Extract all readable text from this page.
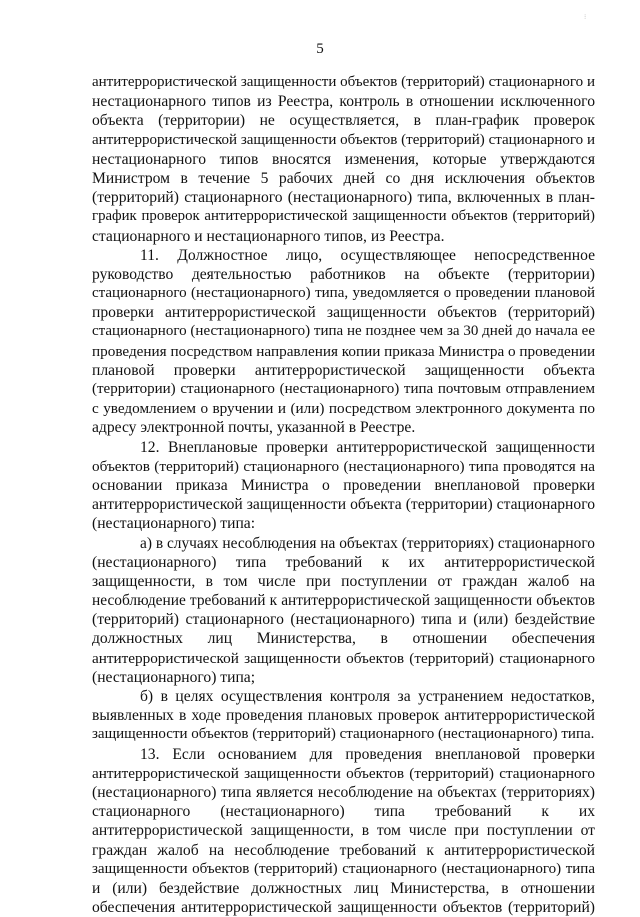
⁝
5
антитеррористической защищенности объектов (территорий) стационарного и
нестационарного типов из Реестра, контроль в отношении исключенного
объекта (территории) не осуществляется, в план-график проверок
антитеррористической защищенности объектов (территорий) стационарного и
нестационарного типов вносятся изменения, которые утверждаются
Министром в течение 5 рабочих дней со дня исключения объектов
(территорий) стационарного (нестационарного) типа, включенных в план-
график проверок антитеррористической защищенности объектов (территорий)
стационарного и нестационарного типов, из Реестра.
11. Должностное лицо, осуществляющее непосредственное
руководство деятельностью работников на объекте (территории)
стационарного (нестационарного) типа, уведомляется о проведении плановой
проверки антитеррористической защищенности объектов (территорий)
стационарного (нестационарного) типа не позднее чем за 30 дней до начала ее
проведения посредством направления копии приказа Министра о проведении
плановой проверки антитеррористической защищенности объекта
(территории) стационарного (нестационарного) типа почтовым отправлением
с уведомлением о вручении и (или) посредством электронного документа по
адресу электронной почты, указанной в Реестре.
12. Внеплановые проверки антитеррористической защищенности
объектов (территорий) стационарного (нестационарного) типа проводятся на
основании приказа Министра о проведении внеплановой проверки
антитеррористической защищенности объекта (территории) стационарного
(нестационарного) типа:
а) в случаях несоблюдения на объектах (территориях) стационарного
(нестационарного) типа требований к их антитеррористической
защищенности, в том числе при поступлении от граждан жалоб на
несоблюдение требований к антитеррористической защищенности объектов
(территорий) стационарного (нестационарного) типа и (или) бездействие
должностных лиц Министерства, в отношении обеспечения
антитеррористической защищенности объектов (территорий) стационарного
(нестационарного) типа;
б) в целях осуществления контроля за устранением недостатков,
выявленных в ходе проведения плановых проверок антитеррористической
защищенности объектов (территорий) стационарного (нестационарного) типа.
13. Если основанием для проведения внеплановой проверки
антитеррористической защищенности объектов (территорий) стационарного
(нестационарного) типа является несоблюдение на объектах (территориях)
стационарного (нестационарного) типа требований к их
антитеррористической защищенности, в том числе при поступлении от
граждан жалоб на несоблюдение требований к антитеррористической
защищенности объектов (территорий) стационарного (нестационарного) типа
и (или) бездействие должностных лиц Министерства, в отношении
обеспечения антитеррористической защищенности объектов (территорий)
